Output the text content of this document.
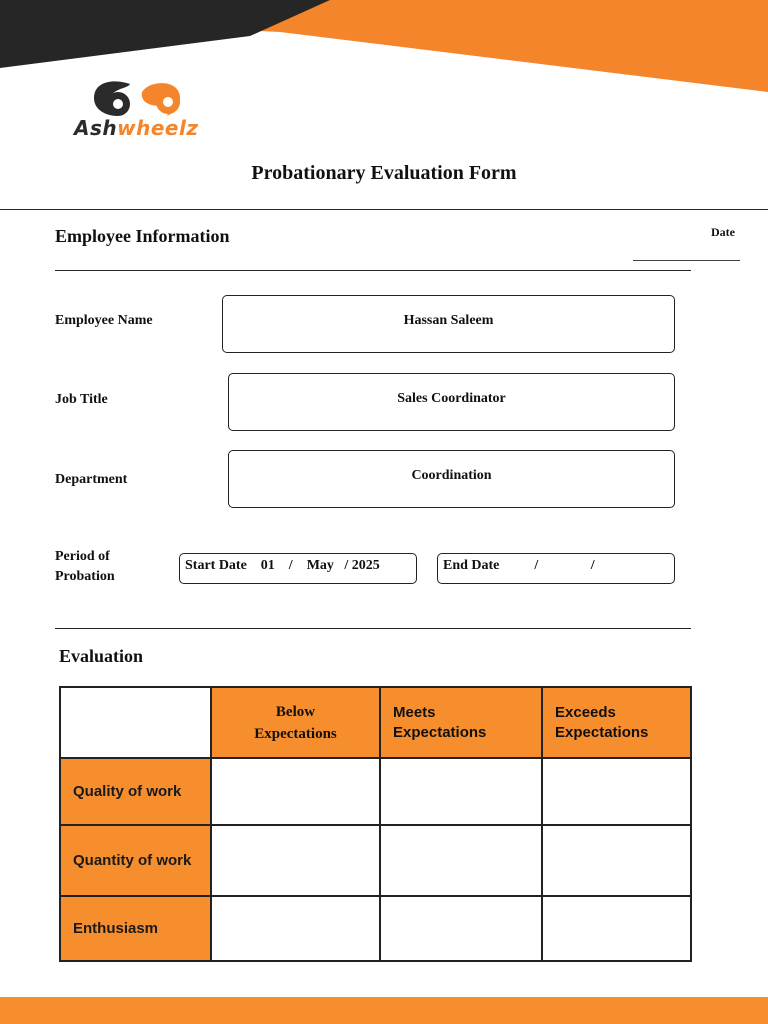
Ashwheelz
Probationary Evaluation Form
Employee Information	Date
Employee Name	Hassan Saleem
Job Title	Sales Coordinator
Department	Coordination
Period of
Probation
Start Date    01    /    May   / 2025	End Date          /               /
Evaluation

	Below Expectations	Meets Expectations	Exceeds Expectations

Quality of work			
Quantity of work			
Enthusiasm			
